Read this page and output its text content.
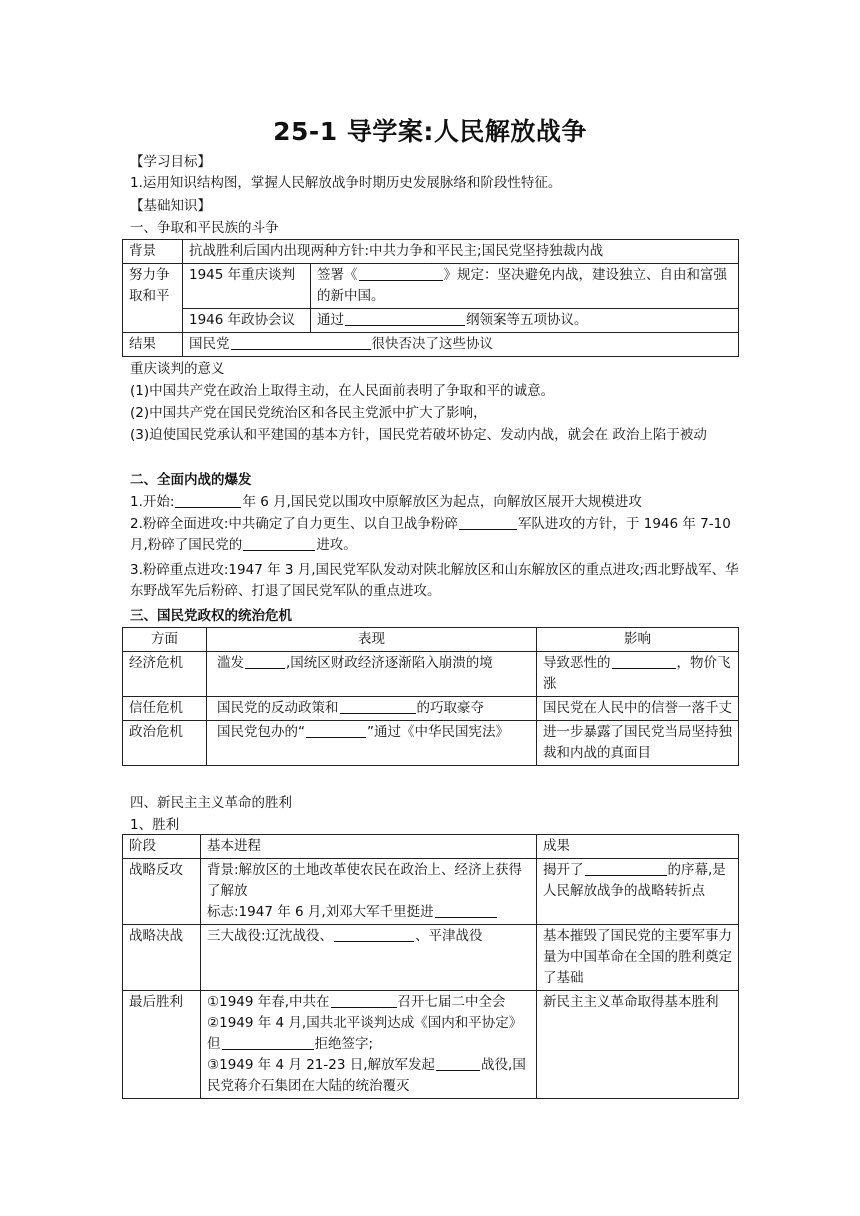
25-1 导学案:人民解放战争
【学习目标】
1.运用知识结构图，掌握人民解放战争时期历史发展脉络和阶段性特征。
【基础知识】
一、争取和平民族的斗争
背景	抗战胜利后国内出现两种方针:中共力争和平民主;国民党坚持独裁内战	
努力争取和平	1945 年重庆谈判	签署《 》规定：坚决避免内战，建设独立、自由和富强的新中国。
	1946 年政协会议	通过 纲领案等五项协议。
结果	国民党 很快否决了这些协议	
重庆谈判的意义
(1)中国共产党在政治上取得主动，在人民面前表明了争取和平的诚意。
(2)中国共产党在国民党统治区和各民主党派中扩大了影响，
(3)迫使国民党承认和平建国的基本方针，国民党若破坏协定、发动内战，就会在 政治上陷于被动
二、全面内战的爆发
1.开始:	年 6 月,国民党以围攻中原解放区为起点，向解放区展开大规模进攻
2.粉碎全面进攻:中共确定了自力更生、以自卫战争粉碎	军队进攻的方针，于 1946 年 7-10 月,粉碎了国民党的	进攻。
3.粉碎重点进攻:1947 年 3 月,国民党军队发动对陕北解放区和山东解放区的重点进攻;西北野战军、华东野战军先后粉碎、打退了国民党军队的重点进攻。
三、国民党政权的统治危机
方面	表现	影响
经济危机	滥发 ,国统区财政经济逐渐陷入崩溃的境	导致恶性的 ，物价飞涨
信任危机	国民党的反动政策和 的巧取豪夺	国民党在人民中的信誉一落千丈
政治危机	国民党包办的“ ”通过《中华民国宪法》	进一步暴露了国民党当局坚持独裁和内战的真面目
四、新民主主义革命的胜利
1、胜利
阶段	基本进程	成果
战略反攻	背景:解放区的土地改革使农民在政治上、经济上获得了解放
标志:1947 年 6 月,刘邓大军千里挺进	揭开了 的序幕,是人民解放战争的战略转折点
战略决战	三大战役:辽沈战役、 、平津战役	基本摧毁了国民党的主要军事力量为中国革命在全国的胜利奠定了基础
最后胜利	①1949 年春,中共在 召开七届二中全会
②1949 年 4 月,国共北平谈判达成《国内和平协定》但 拒绝签字;
③1949 年 4 月 21-23 日,解放军发起 战役,国民党蒋介石集团在大陆的统治覆灭	新民主主义革命取得基本胜利
